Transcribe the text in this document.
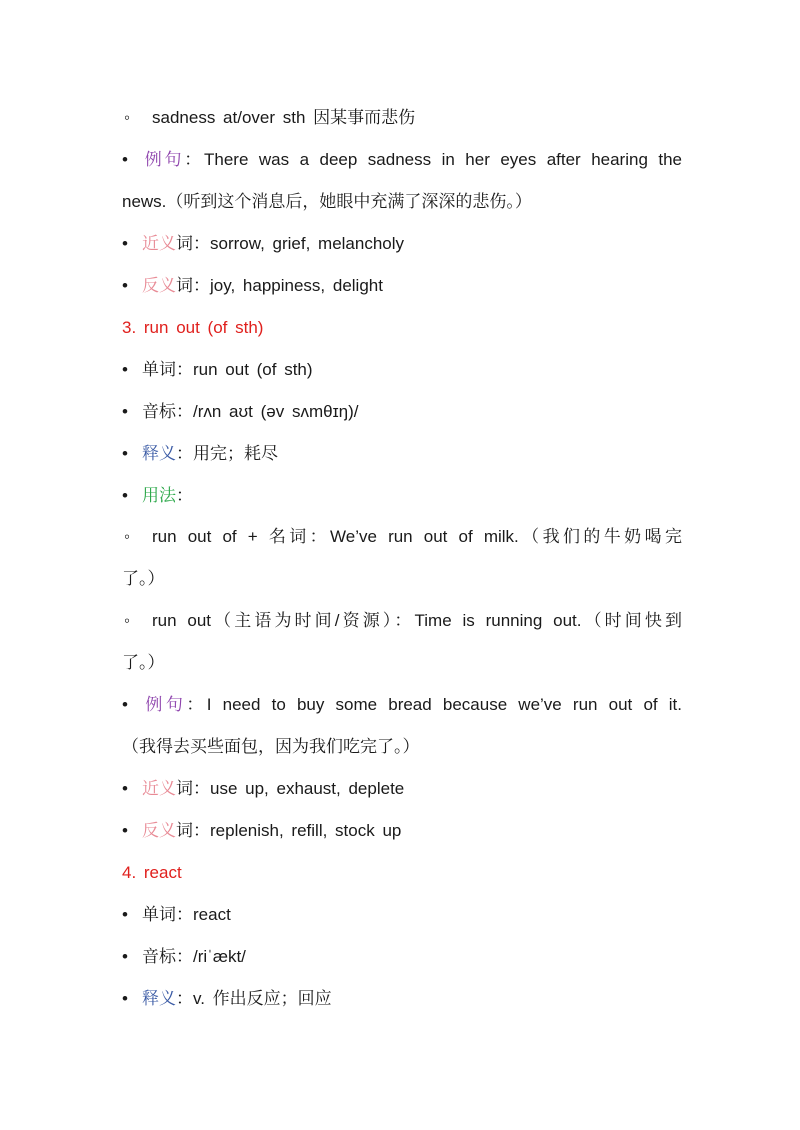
◦ sadness at/over sth 因某事而悲伤
• 例句：There was a deep sadness in her eyes after hearing the
news.（听到这个消息后，她眼中充满了深深的悲伤。）
• 近义词：sorrow, grief, melancholy
• 反义词：joy, happiness, delight
3. run out (of sth)
• 单词：run out (of sth)
• 音标：/rʌn aʊt (əv sʌmθɪŋ)/
• 释义：用完；耗尽
• 用法：
◦ run out of + 名词：We’ve run out of milk.（我们的牛奶喝完
了。）
◦ run out（主语为时间/资源）：Time is running out.（时间快到
了。）
• 例句：I need to buy some bread because we’ve run out of it.
（我得去买些面包，因为我们吃完了。）
• 近义词：use up, exhaust, deplete
• 反义词：replenish, refill, stock up
4. react
• 单词：react
• 音标：/riˈækt/
• 释义：v. 作出反应；回应
